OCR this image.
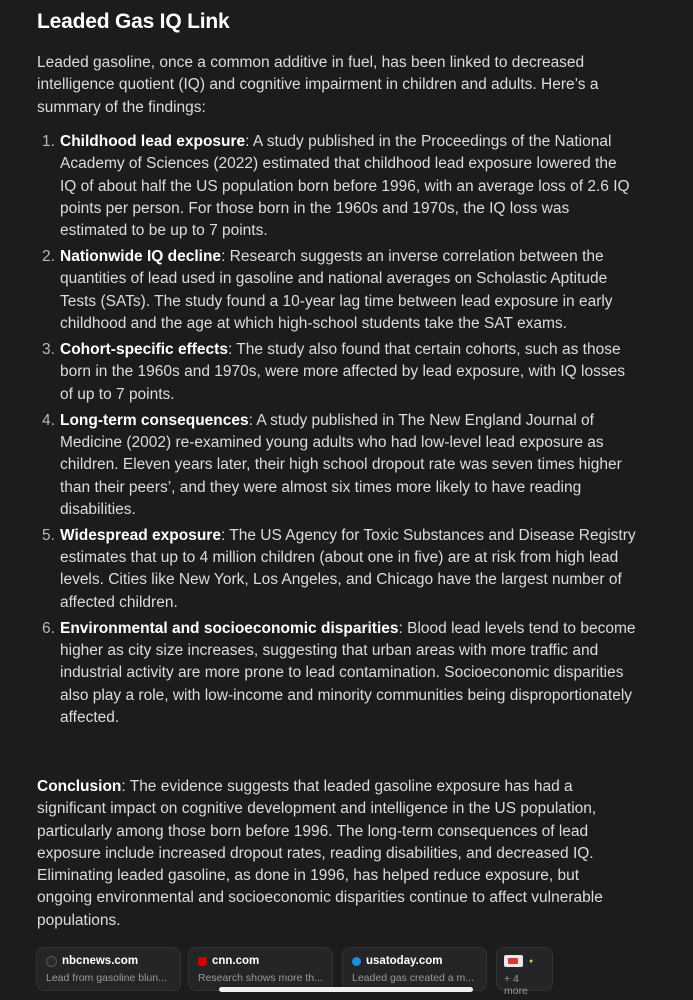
Leaded Gas IQ Link

Leaded gasoline, once a common additive in fuel, has been linked to decreased intelligence quotient (IQ) and cognitive impairment in children and adults. Here’s a summary of the findings:

1. Childhood lead exposure: A study published in the Proceedings of the National Academy of Sciences (2022) estimated that childhood lead exposure lowered the IQ of about half the US population born before 1996, with an average loss of 2.6 IQ points per person. For those born in the 1960s and 1970s, the IQ loss was estimated to be up to 7 points.
2. Nationwide IQ decline: Research suggests an inverse correlation between the quantities of lead used in gasoline and national averages on Scholastic Aptitude Tests (SATs). The study found a 10-year lag time between lead exposure in early childhood and the age at which high-school students take the SAT exams.
3. Cohort-specific effects: The study also found that certain cohorts, such as those born in the 1960s and 1970s, were more affected by lead exposure, with IQ losses of up to 7 points.
4. Long-term consequences: A study published in The New England Journal of Medicine (2002) re-examined young adults who had low-level lead exposure as children. Eleven years later, their high school dropout rate was seven times higher than their peers’, and they were almost six times more likely to have reading disabilities.
5. Widespread exposure: The US Agency for Toxic Substances and Disease Registry estimates that up to 4 million children (about one in five) are at risk from high lead levels. Cities like New York, Los Angeles, and Chicago have the largest number of affected children.
6. Environmental and socioeconomic disparities: Blood lead levels tend to become higher as city size increases, suggesting that urban areas with more traffic and industrial activity are more prone to lead contamination. Socioeconomic disparities also play a role, with low-income and minority communities being disproportionately affected.

Conclusion: The evidence suggests that leaded gasoline exposure has had a significant impact on cognitive development and intelligence in the US population, particularly among those born before 1996. The long-term consequences of lead exposure include increased dropout rates, reading disabilities, and decreased IQ. Eliminating leaded gasoline, as done in 1996, has helped reduce exposure, but ongoing environmental and socioeconomic disparities continue to affect vulnerable populations.

nbcnews.com
Lead from gasoline blun...
cnn.com
Research shows more th...
usatoday.com
Leaded gas created a m...
●
+ 4 more
